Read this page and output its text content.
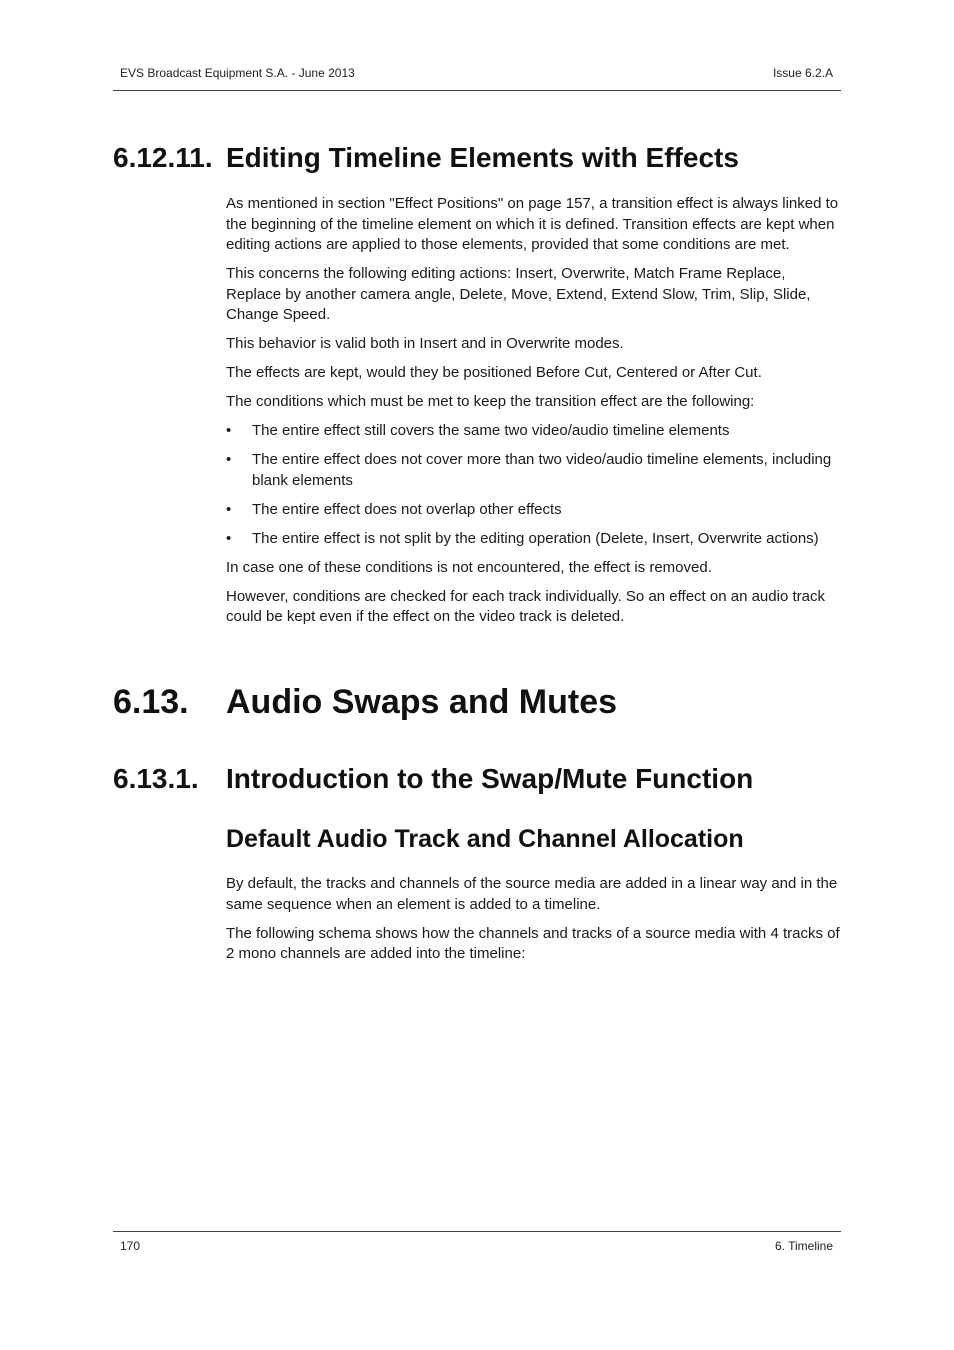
EVS Broadcast Equipment S.A. - June 2013	Issue 6.2.A
6.12.11. Editing Timeline Elements with Effects

As mentioned in section "Effect Positions" on page 157, a transition effect is always linked to the beginning of the timeline element on which it is defined. Transition effects are kept when editing actions are applied to those elements, provided that some conditions are met.

This concerns the following editing actions: Insert, Overwrite, Match Frame Replace, Replace by another camera angle, Delete, Move, Extend, Extend Slow, Trim, Slip, Slide, Change Speed.

This behavior is valid both in Insert and in Overwrite modes.

The effects are kept, would they be positioned Before Cut, Centered or After Cut.

The conditions which must be met to keep the transition effect are the following:

• The entire effect still covers the same two video/audio timeline elements
• The entire effect does not cover more than two video/audio timeline elements, including blank elements
• The entire effect does not overlap other effects
• The entire effect is not split by the editing operation (Delete, Insert, Overwrite actions)

In case one of these conditions is not encountered, the effect is removed.

However, conditions are checked for each track individually. So an effect on an audio track could be kept even if the effect on the video track is deleted.

6.13. Audio Swaps and Mutes
6.13.1. Introduction to the Swap/Mute Function
Default Audio Track and Channel Allocation

By default, the tracks and channels of the source media are added in a linear way and in the same sequence when an element is added to a timeline.

The following schema shows how the channels and tracks of a source media with 4 tracks of 2 mono channels are added into the timeline:

170	6. Timeline
